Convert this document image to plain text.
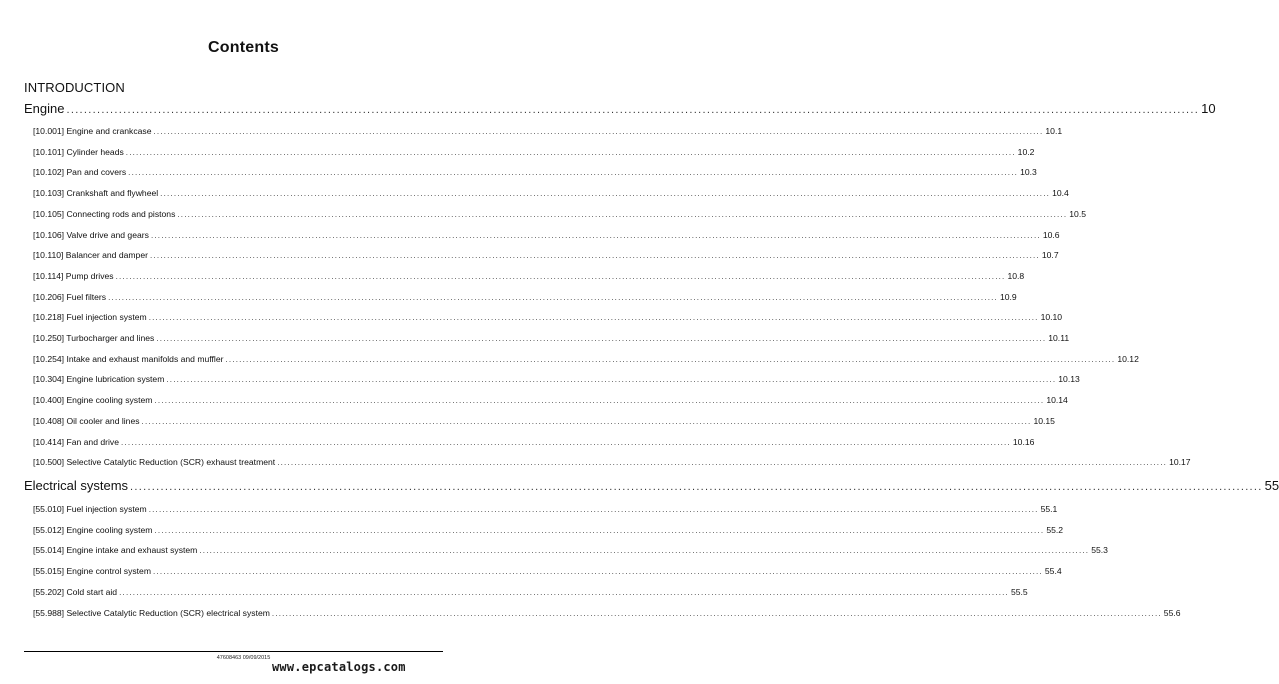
Contents
INTRODUCTION
Engine .................................................................................................................................................................................................................................................................... 10
[10.001] Engine and crankcase .................................................................................................................................................................................................................................................................... 10.1
[10.101] Cylinder heads .................................................................................................................................................................................................................................................................... 10.2
[10.102] Pan and covers .................................................................................................................................................................................................................................................................... 10.3
[10.103] Crankshaft and flywheel .................................................................................................................................................................................................................................................................... 10.4
[10.105] Connecting rods and pistons .................................................................................................................................................................................................................................................................... 10.5
[10.106] Valve drive and gears .................................................................................................................................................................................................................................................................... 10.6
[10.110] Balancer and damper .................................................................................................................................................................................................................................................................... 10.7
[10.114] Pump drives .................................................................................................................................................................................................................................................................... 10.8
[10.206] Fuel filters .................................................................................................................................................................................................................................................................... 10.9
[10.218] Fuel injection system .................................................................................................................................................................................................................................................................... 10.10
[10.250] Turbocharger and lines .................................................................................................................................................................................................................................................................... 10.11
[10.254] Intake and exhaust manifolds and muffler .................................................................................................................................................................................................................................................................... 10.12
[10.304] Engine lubrication system .................................................................................................................................................................................................................................................................... 10.13
[10.400] Engine cooling system .................................................................................................................................................................................................................................................................... 10.14
[10.408] Oil cooler and lines .................................................................................................................................................................................................................................................................... 10.15
[10.414] Fan and drive .................................................................................................................................................................................................................................................................... 10.16
[10.500] Selective Catalytic Reduction (SCR) exhaust treatment .................................................................................................................................................................................................................................................................... 10.17
Electrical systems .................................................................................................................................................................................................................................................................... 55
[55.010] Fuel injection system .................................................................................................................................................................................................................................................................... 55.1
[55.012] Engine cooling system .................................................................................................................................................................................................................................................................... 55.2
[55.014] Engine intake and exhaust system .................................................................................................................................................................................................................................................................... 55.3
[55.015] Engine control system .................................................................................................................................................................................................................................................................... 55.4
[55.202] Cold start aid .................................................................................................................................................................................................................................................................... 55.5
[55.988] Selective Catalytic Reduction (SCR) electrical system .................................................................................................................................................................................................................................................................... 55.6
47608463 09/09/2015
www.epcatalogs.com
